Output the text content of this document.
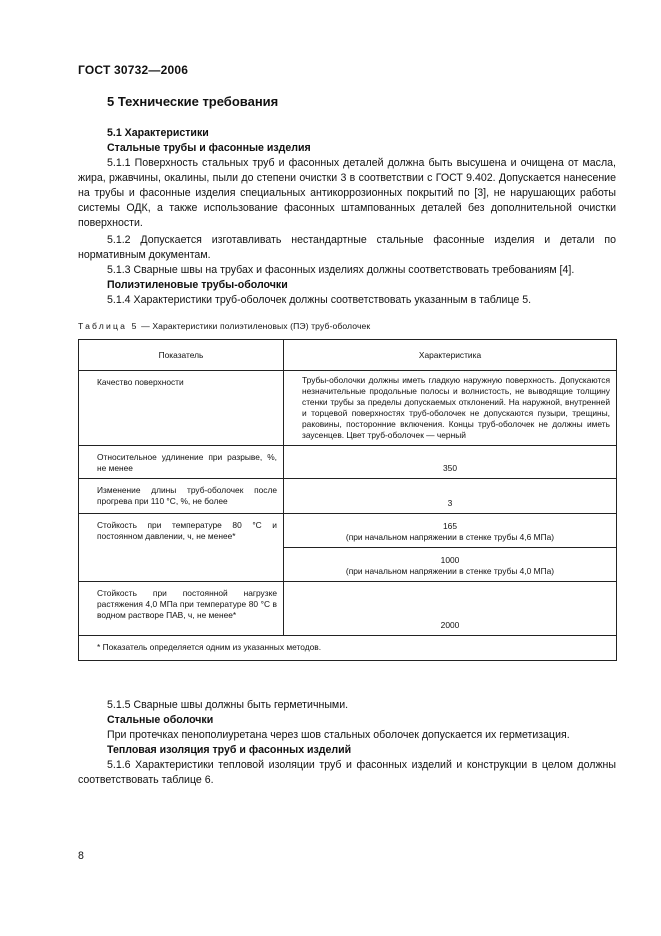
ГОСТ 30732—2006
5 Технические требования
5.1 Характеристики
Стальные трубы и фасонные изделия
5.1.1 Поверхность стальных труб и фасонных деталей должна быть высушена и очищена от масла, жира, ржавчины, окалины, пыли до степени очистки 3 в соответствии с ГОСТ 9.402. Допускается нанесение на трубы и фасонные изделия специальных антикоррозионных покрытий по [3], не нарушающих работы системы ОДК, а также использование фасонных штампованных деталей без дополнительной очистки поверхности.
5.1.2 Допускается изготавливать нестандартные стальные фасонные изделия и детали по нормативным документам.
5.1.3 Сварные швы на трубах и фасонных изделиях должны соответствовать требованиям [4].
Полиэтиленовые трубы-оболочки
5.1.4 Характеристики труб-оболочек должны соответствовать указанным в таблице 5.
Таблица 5 — Характеристики полиэтиленовых (ПЭ) труб-оболочек
Показатель	Характеристика
Качество поверхности	Трубы-оболочки должны иметь гладкую наружную поверхность. Допускаются незначительные продольные полосы и волнистость, не выводящие толщину стенки трубы за пределы допускаемых отклонений. На наружной, внутренней и торцевой поверхностях труб-оболочек не допускаются пузыри, трещины, раковины, посторонние включения. Концы труб-оболочек не должны иметь заусенцев. Цвет труб-оболочек — черный
Относительное удлинение при разрыве, %, не менее	350
Изменение длины труб-оболочек после прогрева при 110 °С, %, не более	3
Стойкость при температуре 80 °С и постоянном давлении, ч, не менее*	165
(при начальном напряжении в стенке трубы 4,6 МПа)

	1000
(при начальном напряжении в стенке трубы 4,0 МПа)

Стойкость при постоянной нагрузке растяжения 4,0 МПа при температуре 80 °С в водном растворе ПАВ, ч, не менее*	2000
* Показатель определяется одним из указанных методов.	
5.1.5 Сварные швы должны быть герметичными.
Стальные оболочки
При протечках пенополиуретана через шов стальных оболочек допускается их герметизация.
Тепловая изоляция труб и фасонных изделий
5.1.6 Характеристики тепловой изоляции труб и фасонных изделий и конструкции в целом должны соответствовать таблице 6.
8
